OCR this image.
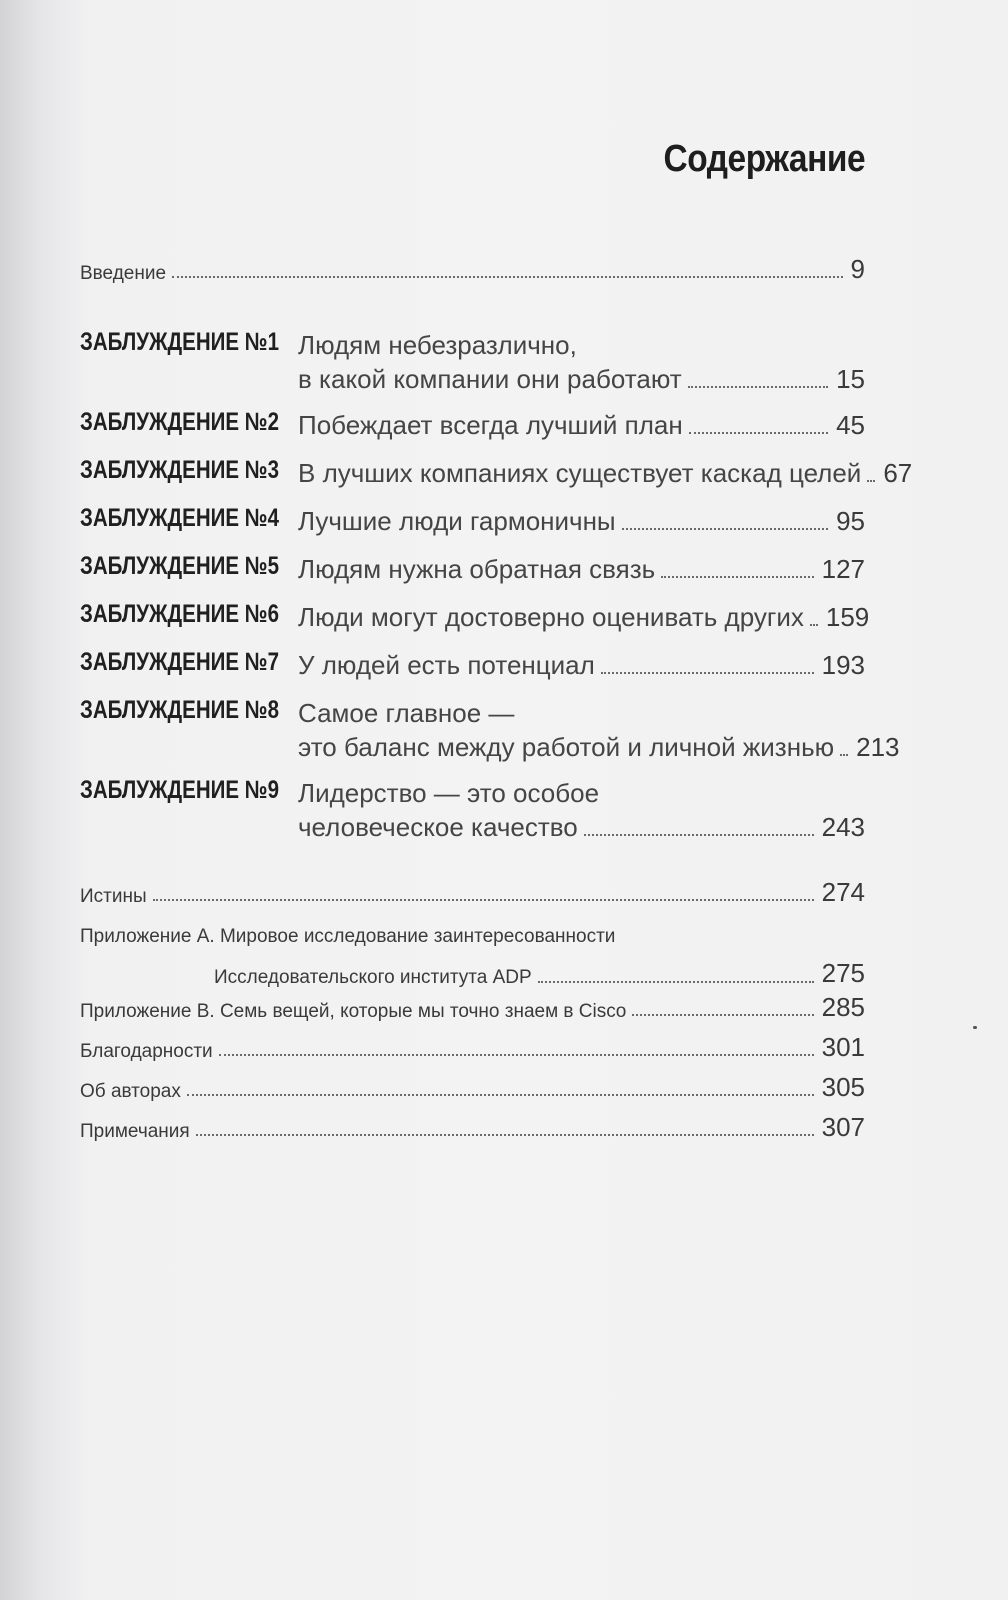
Содержание
Введение	9
ЗАБЛУЖДЕНИЕ №1 Людям небезразлично,
в какой компании они работают	15
ЗАБЛУЖДЕНИЕ №2 Побеждает всегда лучший план	45
ЗАБЛУЖДЕНИЕ №3 В лучших компаниях существует каскад целей 67
ЗАБЛУЖДЕНИЕ №4 Лучшие люди гармоничны	95
ЗАБЛУЖДЕНИЕ №5 Людям нужна обратная связь	127
ЗАБЛУЖДЕНИЕ №6 Люди могут достоверно оценивать других 159
ЗАБЛУЖДЕНИЕ №7 У людей есть потенциал	193
ЗАБЛУЖДЕНИЕ №8 Самое главное —
это баланс между работой и личной жизнью 213
ЗАБЛУЖДЕНИЕ №9 Лидерство — это особое
человеческое качество	243
Истины	274
Приложение А. Мировое исследование заинтересованности
Исследовательского института ADP	275
Приложение B. Семь вещей, которые мы точно знаем в Cisco	285
Благодарности	301
Об авторах	305
Примечания	307
